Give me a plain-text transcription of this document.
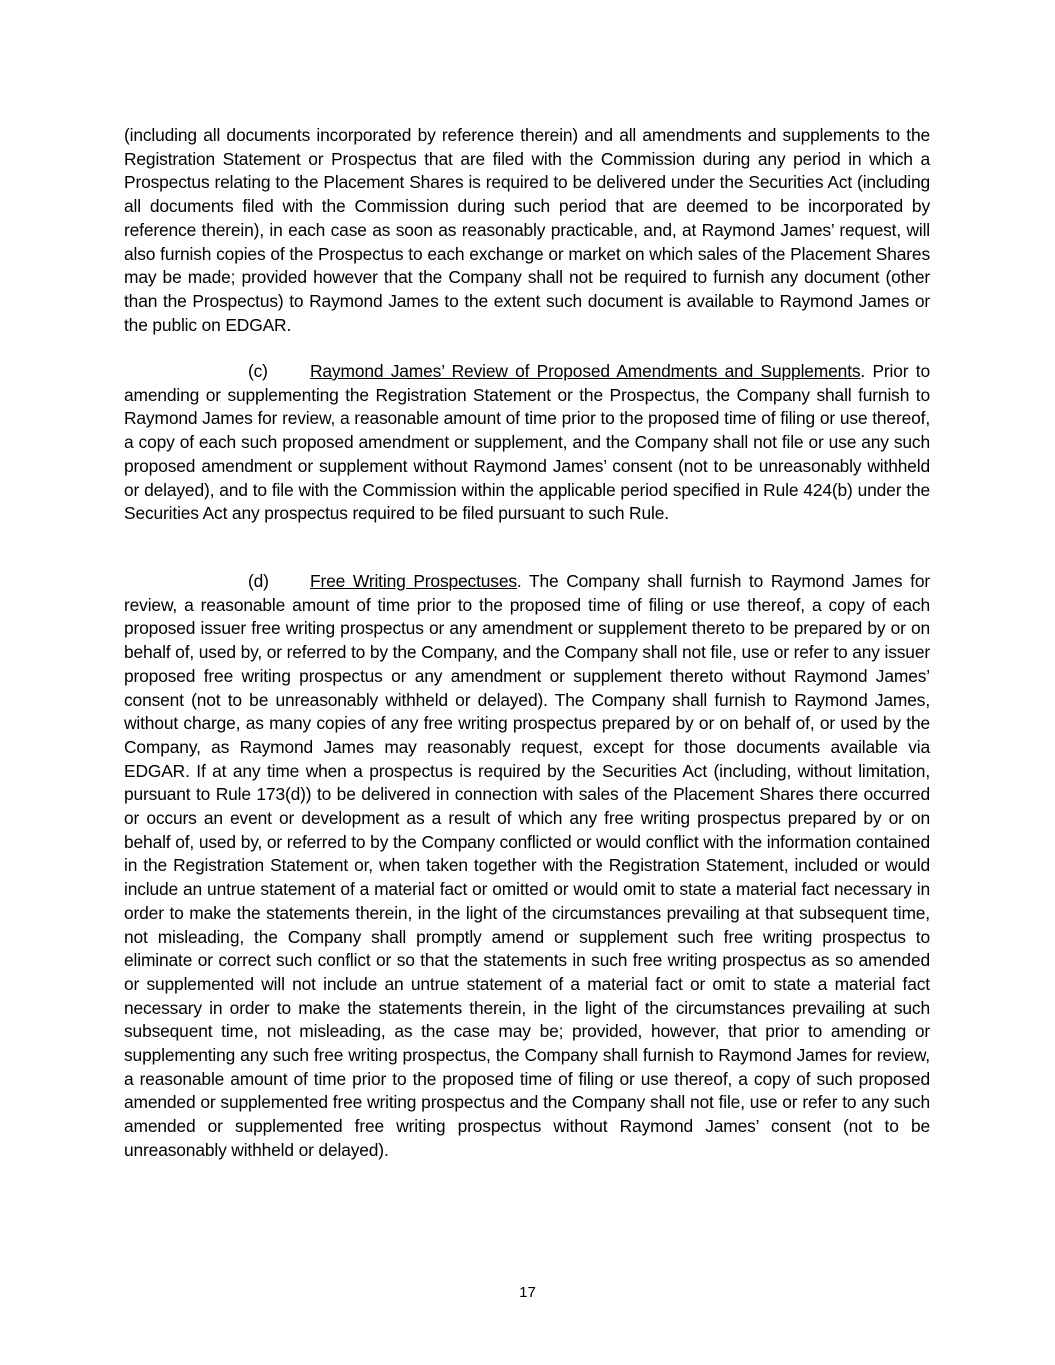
(including all documents incorporated by reference therein) and all amendments and supplements to the Registration Statement or Prospectus that are filed with the Commission during any period in which a Prospectus relating to the Placement Shares is required to be delivered under the Securities Act (including all documents filed with the Commission during such period that are deemed to be incorporated by reference therein), in each case as soon as reasonably practicable, and, at Raymond James’ request, will also furnish copies of the Prospectus to each exchange or market on which sales of the Placement Shares may be made; provided however that the Company shall not be required to furnish any document (other than the Prospectus) to Raymond James to the extent such document is available to Raymond James or the public on EDGAR.

(c) Raymond James’ Review of Proposed Amendments and Supplements. Prior to amending or supplementing the Registration Statement or the Prospectus, the Company shall furnish to Raymond James for review, a reasonable amount of time prior to the proposed time of filing or use thereof, a copy of each such proposed amendment or supplement, and the Company shall not file or use any such proposed amendment or supplement without Raymond James’ consent (not to be unreasonably withheld or delayed), and to file with the Commission within the applicable period specified in Rule 424(b) under the Securities Act any prospectus required to be filed pursuant to such Rule.

(d) Free Writing Prospectuses. The Company shall furnish to Raymond James for review, a reasonable amount of time prior to the proposed time of filing or use thereof, a copy of each proposed issuer free writing prospectus or any amendment or supplement thereto to be prepared by or on behalf of, used by, or referred to by the Company, and the Company shall not file, use or refer to any issuer proposed free writing prospectus or any amendment or supplement thereto without Raymond James’ consent (not to be unreasonably withheld or delayed). The Company shall furnish to Raymond James, without charge, as many copies of any free writing prospectus prepared by or on behalf of, or used by the Company, as Raymond James may reasonably request, except for those documents available via EDGAR. If at any time when a prospectus is required by the Securities Act (including, without limitation, pursuant to Rule 173(d)) to be delivered in connection with sales of the Placement Shares there occurred or occurs an event or development as a result of which any free writing prospectus prepared by or on behalf of, used by, or referred to by the Company conflicted or would conflict with the information contained in the Registration Statement or, when taken together with the Registration Statement, included or would include an untrue statement of a material fact or omitted or would omit to state a material fact necessary in order to make the statements therein, in the light of the circumstances prevailing at that subsequent time, not misleading, the Company shall promptly amend or supplement such free writing prospectus to eliminate or correct such conflict or so that the statements in such free writing prospectus as so amended or supplemented will not include an untrue statement of a material fact or omit to state a material fact necessary in order to make the statements therein, in the light of the circumstances prevailing at such subsequent time, not misleading, as the case may be; provided, however, that prior to amending or supplementing any such free writing prospectus, the Company shall furnish to Raymond James for review, a reasonable amount of time prior to the proposed time of filing or use thereof, a copy of such proposed amended or supplemented free writing prospectus and the Company shall not file, use or refer to any such amended or supplemented free writing prospectus without Raymond James’ consent (not to be unreasonably withheld or delayed).

17
